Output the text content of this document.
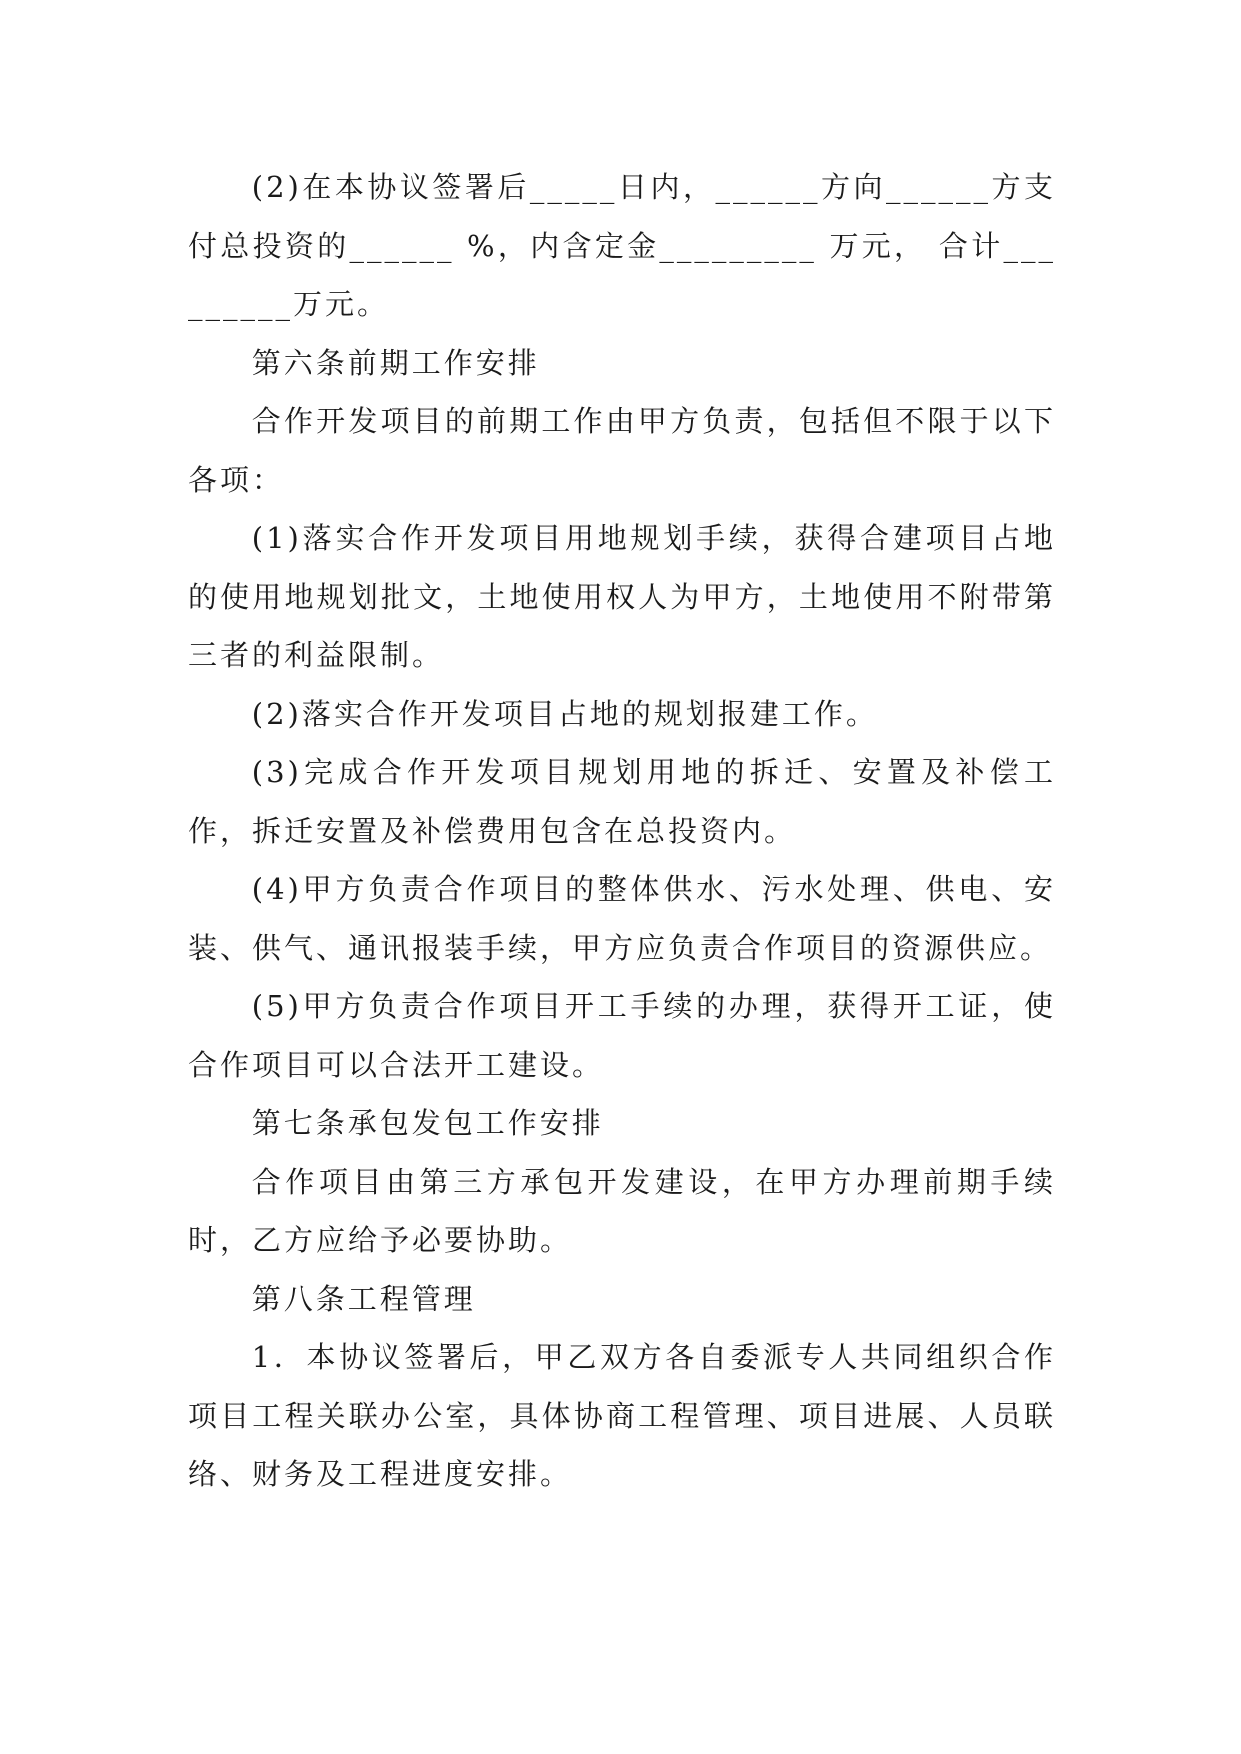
(2)在本协议签署后_____日内，______方向______方支付总投资的______ %，内含定金_________ 万元， 合计_________万元。

第六条前期工作安排

合作开发项目的前期工作由甲方负责，包括但不限于以下各项：

(1)落实合作开发项目用地规划手续，获得合建项目占地的使用地规划批文，土地使用权人为甲方，土地使用不附带第三者的利益限制。

(2)落实合作开发项目占地的规划报建工作。

(3)完成合作开发项目规划用地的拆迁、安置及补偿工作，拆迁安置及补偿费用包含在总投资内。

(4)甲方负责合作项目的整体供水、污水处理、供电、安装、供气、通讯报装手续，甲方应负责合作项目的资源供应。

(5)甲方负责合作项目开工手续的办理，获得开工证，使合作项目可以合法开工建设。

第七条承包发包工作安排

合作项目由第三方承包开发建设，在甲方办理前期手续时，乙方应给予必要协助。

第八条工程管理

1．本协议签署后，甲乙双方各自委派专人共同组织合作项目工程关联办公室，具体协商工程管理、项目进展、人员联络、财务及工程进度安排。
